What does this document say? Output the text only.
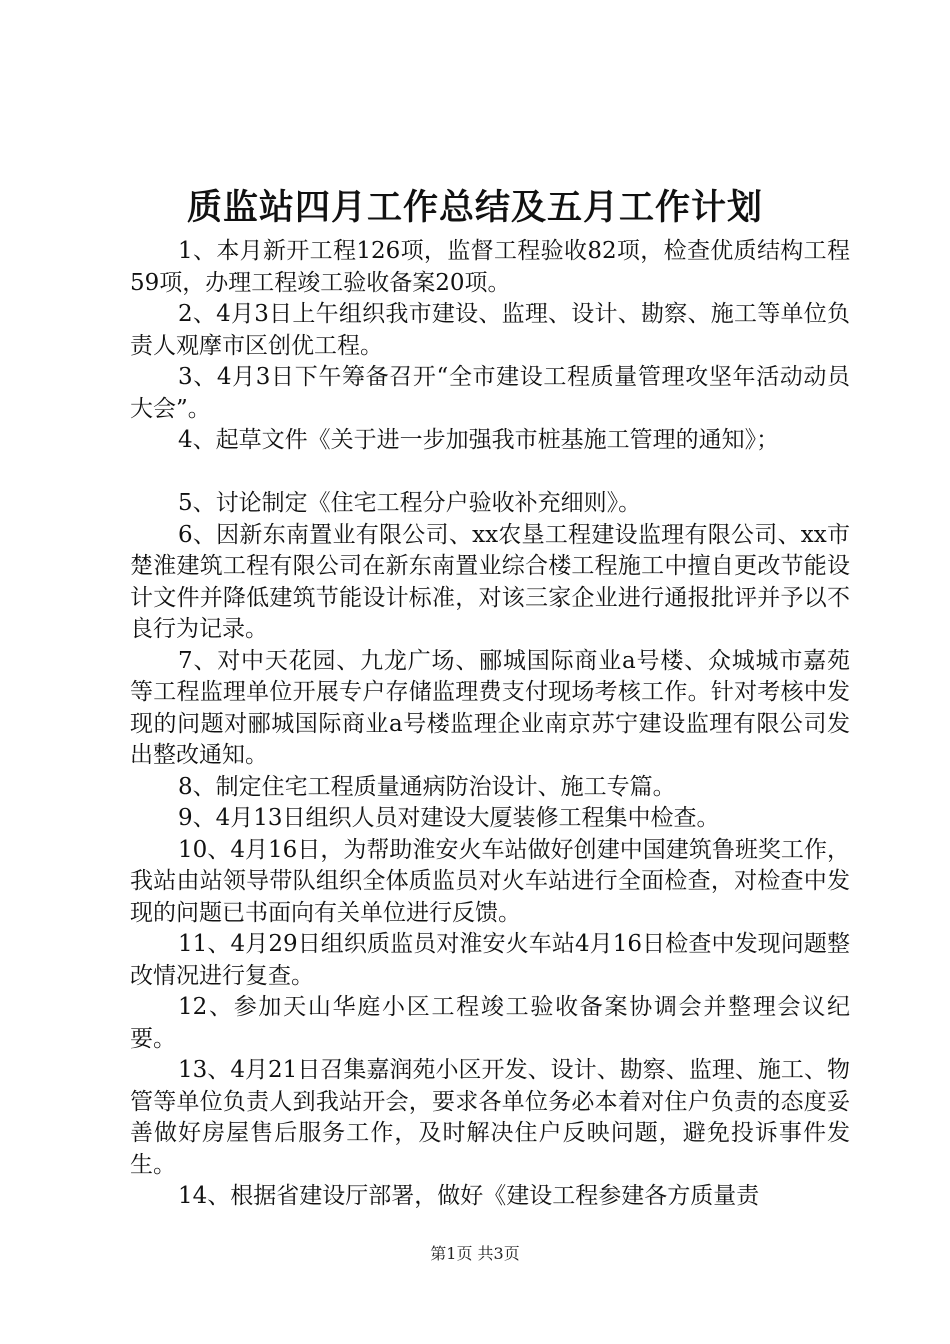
质监站四月工作总结及五月工作计划

1、本月新开工程126项，监督工程验收82项，检查优质结构工程59项，办理工程竣工验收备案20项。

2、4月3日上午组织我市建设、监理、设计、勘察、施工等单位负责人观摩市区创优工程。

3、4月3日下午筹备召开“全市建设工程质量管理攻坚年活动动员大会”。

4、起草文件《关于进一步加强我市桩基施工管理的通知》；

5、讨论制定《住宅工程分户验收补充细则》。

6、因新东南置业有限公司、xx农垦工程建设监理有限公司、xx市楚淮建筑工程有限公司在新东南置业综合楼工程施工中擅自更改节能设计文件并降低建筑节能设计标准，对该三家企业进行通报批评并予以不良行为记录。

7、对中天花园、九龙广场、郦城国际商业a号楼、众城城市嘉苑等工程监理单位开展专户存储监理费支付现场考核工作。针对考核中发现的问题对郦城国际商业a号楼监理企业南京苏宁建设监理有限公司发出整改通知。

8、制定住宅工程质量通病防治设计、施工专篇。

9、4月13日组织人员对建设大厦装修工程集中检查。

10、4月16日，为帮助淮安火车站做好创建中国建筑鲁班奖工作，我站由站领导带队组织全体质监员对火车站进行全面检查，对检查中发现的问题已书面向有关单位进行反馈。

11、4月29日组织质监员对淮安火车站4月16日检查中发现问题整改情况进行复查。

12、参加天山华庭小区工程竣工验收备案协调会并整理会议纪要。

13、4月21日召集嘉润苑小区开发、设计、勘察、监理、施工、物管等单位负责人到我站开会，要求各单位务必本着对住户负责的态度妥善做好房屋售后服务工作，及时解决住户反映问题，避免投诉事件发生。

14、根据省建设厅部署，做好《建设工程参建各方质量责

第1页 共3页
